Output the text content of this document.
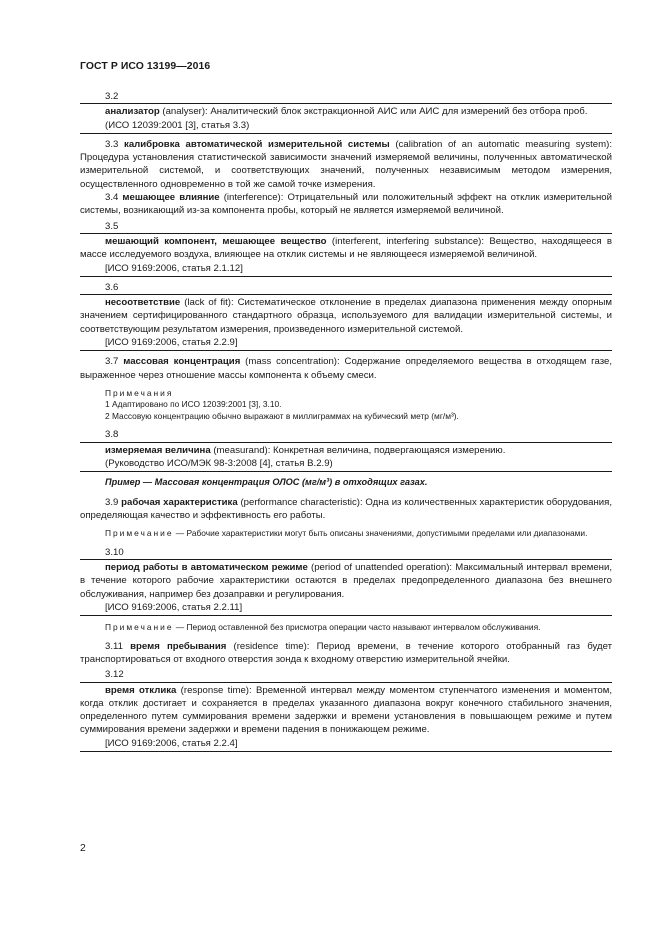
ГОСТ Р ИСО 13199—2016
3.2

анализатор (analyser): Аналитический блок экстракционной АИС или АИС для измерений без отбора проб.

(ИСО 12039:2001 [3], статья 3.3)

3.3 калибровка автоматической измерительной системы (calibration of an automatic measuring system): Процедура установления статистической зависимости значений измеряемой величины, полученных автоматической измерительной системой, и соответствующих значений, полученных независимым методом измерения, осуществленного одновременно в той же самой точке измерения.

3.4 мешающее влияние (interference): Отрицательный или положительный эффект на отклик измерительной системы, возникающий из-за компонента пробы, который не является измеряемой величиной.

3.5

мешающий компонент, мешающее вещество (interferent, interfering substance): Вещество, находящееся в массе исследуемого воздуха, влияющее на отклик системы и не являющееся измеряемой величиной.

[ИСО 9169:2006, статья 2.1.12]
3.6

несоответствие (lack of fit): Систематическое отклонение в пределах диапазона применения между опорным значением сертифицированного стандартного образца, используемого для валидации измерительной системы, и соответствующим результатом измерения, произведенного измерительной системой.

[ИСО 9169:2006, статья 2.2.9]

3.7 массовая концентрация (mass concentration): Содержание определяемого вещества в отходящем газе, выраженное через отношение массы компонента к объему смеси.

Примечания
1 Адаптировано по ИСО 12039:2001 [3], 3.10.
2 Массовую концентрацию обычно выражают в миллиграммах на кубический метр (мг/м³).
3.8

измеряемая величина (measurand): Конкретная величина, подвергающаяся измерению.

(Руководство ИСО/МЭК 98-3:2008 [4], статья B.2.9)
Пример — Массовая концентрация ОЛОС (мг/м³) в отходящих газах.

3.9 рабочая характеристика (performance characteristic): Одна из количественных характеристик оборудования, определяющая качество и эффективность его работы.

Примечание — Рабочие характеристики могут быть описаны значениями, допустимыми пределами или диапазонами.

3.10

период работы в автоматическом режиме (period of unattended operation): Максимальный интервал времени, в течение которого рабочие характеристики остаются в пределах предопределенного диапазона без внешнего обслуживания, например без дозаправки и регулирования.

[ИСО 9169:2006, статья 2.2.11]

Примечание — Период оставленной без присмотра операции часто называют интервалом обслуживания.

3.11 время пребывания (residence time): Период времени, в течение которого отобранный газ будет транспортироваться от входного отверстия зонда к входному отверстию измерительной ячейки.

3.12

время отклика (response time): Временной интервал между моментом ступенчатого изменения и моментом, когда отклик достигает и сохраняется в пределах указанного диапазона вокруг конечного стабильного значения, определенного путем суммирования времени задержки и времени установления в повышающем режиме и путем суммирования времени задержки и времени падения в понижающем режиме.

[ИСО 9169:2006, статья 2.2.4]
2
